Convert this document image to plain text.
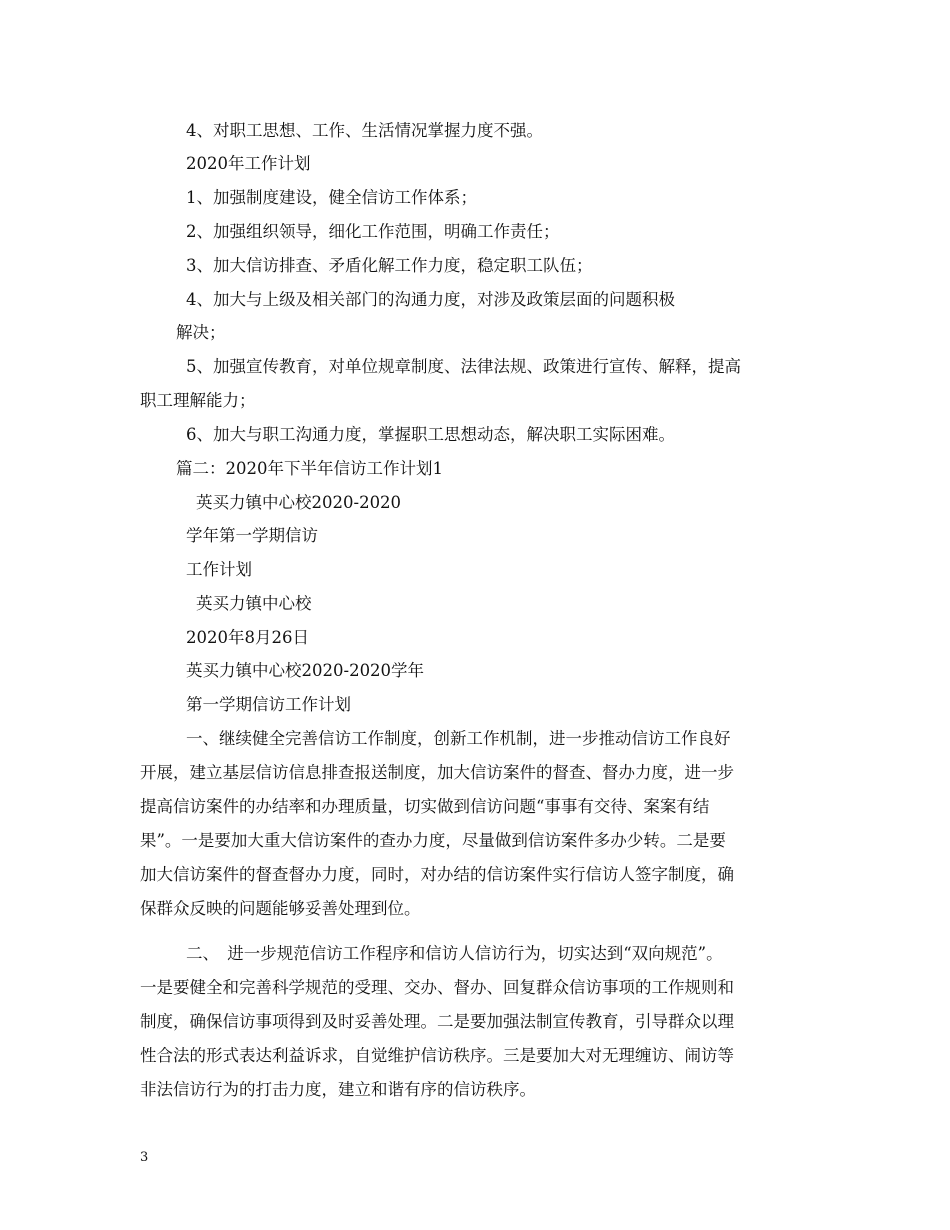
4、对职工思想、工作、生活情况掌握力度不强。

2020年工作计划

1、加强制度建设，健全信访工作体系；

2、加强组织领导，细化工作范围，明确工作责任；

3、加大信访排查、矛盾化解工作力度，稳定职工队伍；

4、加大与上级及相关部门的沟通力度，对涉及政策层面的问题积极

解决；

5、加强宣传教育，对单位规章制度、法律法规、政策进行宣传、解释，提高

职工理解能力；

6、加大与职工沟通力度，掌握职工思想动态，解决职工实际困难。

篇二：2020年下半年信访工作计划1

英买力镇中心校2020-2020

学年第一学期信访

工作计划

英买力镇中心校

2020年8月26日

英买力镇中心校2020-2020学年

第一学期信访工作计划

一、继续健全完善信访工作制度，创新工作机制，进一步推动信访工作良好

开展，建立基层信访信息排查报送制度，加大信访案件的督查、督办力度，进一步

提高信访案件的办结率和办理质量，切实做到信访问题“事事有交待、案案有结

果”。一是要加大重大信访案件的查办力度，尽量做到信访案件多办少转。二是要

加大信访案件的督查督办力度，同时，对办结的信访案件实行信访人签字制度，确

保群众反映的问题能够妥善处理到位。

二、　进一步规范信访工作程序和信访人信访行为，切实达到“双向规范”。

一是要健全和完善科学规范的受理、交办、督办、回复群众信访事项的工作规则和

制度，确保信访事项得到及时妥善处理。二是要加强法制宣传教育，引导群众以理

性合法的形式表达利益诉求，自觉维护信访秩序。三是要加大对无理缠访、闹访等

非法信访行为的打击力度，建立和谐有序的信访秩序。

3
